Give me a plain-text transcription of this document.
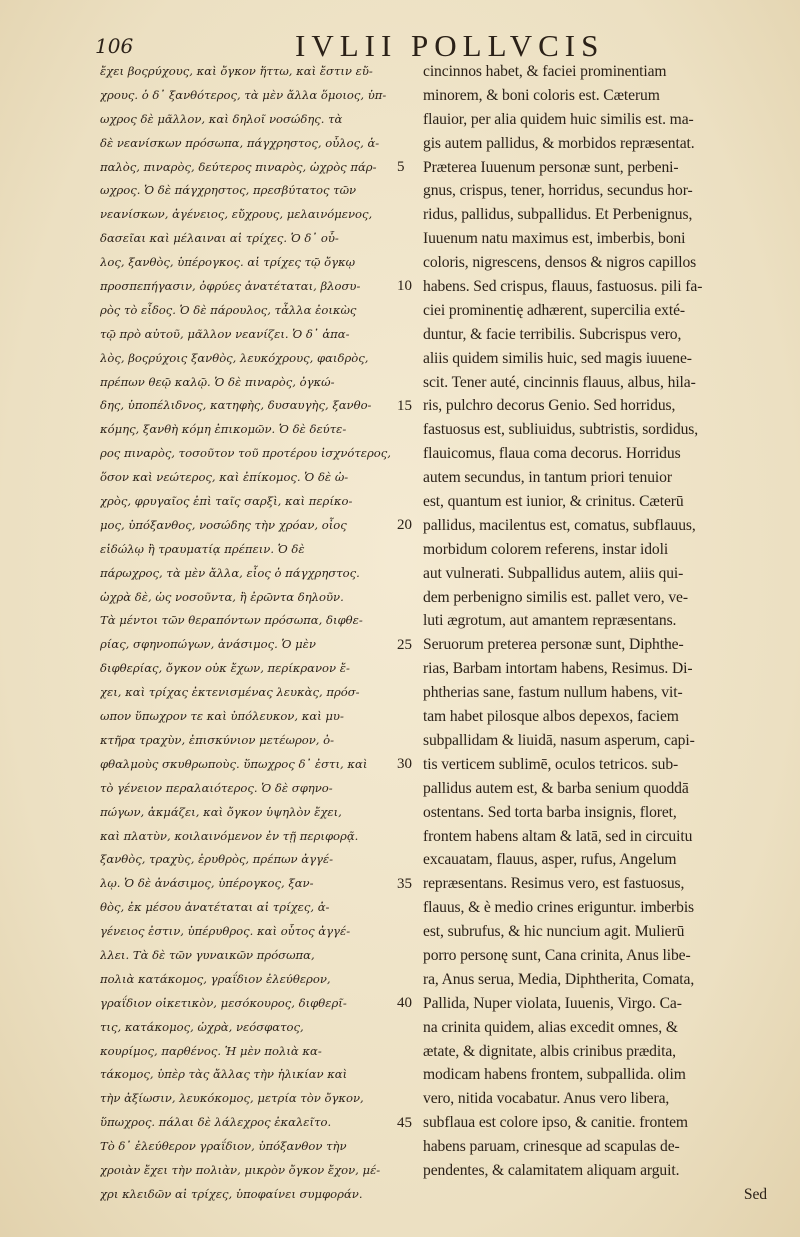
106	IVLII POLLVCIS
ἔχει βοςρύχους, καὶ ὄγκον ἥττω, καὶ ἔστιν εὔ-
χρους. ὁ δ᾽ ξανθότερος, τὰ μὲν ἄλλα ὅμοιος, ὑπ-
ωχρος δὲ μᾶλλον, καὶ δηλοῖ νοσώδης. τὰ
δὲ νεανίσκων πρόσωπα, πάγχρηστος, οὖλος, ἁ-
παλὸς, πιναρὸς, δεύτερος πιναρὸς, ὠχρὸς πάρ-
ωχρος. Ὁ δὲ πάγχρηστος, πρεσβύτατος τῶν
νεανίσκων, ἀγένειος, εὔχρους, μελαινόμενος,
δασεῖαι καὶ μέλαιναι αἱ τρίχες. Ὁ δ᾽ οὖ-
λος, ξανθὸς, ὑπέρογκος. αἱ τρίχες τῷ ὄγκῳ
προσπεπήγασιν, ὀφρύες ἀνατέταται, βλοσυ-
ρὸς τὸ εἶδος. Ὁ δὲ πάρουλος, τἆλλα ἐοικὼς
τῷ πρὸ αὐτοῦ, μᾶλλον νεανίζει. Ὁ δ᾽ ἁπα-
λὸς, βοςρύχοις ξανθὸς, λευκόχρους, φαιδρὸς,
πρέπων θεῷ καλῷ. Ὁ δὲ πιναρὸς, ὀγκώ-
δης, ὑποπέλιδνος, κατηφὴς, δυσαυγὴς, ξανθο-
κόμης, ξανθὴ κόμη ἐπικομῶν. Ὁ δὲ δεύτε-
ρος πιναρὸς, τοσοῦτον τοῦ προτέρου ἰσχνότερος,
ὅσον καὶ νεώτερος, καὶ ἐπίκομος. Ὁ δὲ ὠ-
χρὸς, φρυγαῖος ἐπὶ ταῖς σαρξὶ, καὶ περίκο-
μος, ὑπόξανθος, νοσώδης τὴν χρόαν, οἷος
εἰδώλῳ ἢ τραυματίᾳ πρέπειν. Ὁ δὲ
πάρωχρος, τὰ μὲν ἄλλα, εἶος ὁ πάγχρηστος.
ὠχρὰ δὲ, ὡς νοσοῦντα, ἢ ἐρῶντα δηλοῦν.
Τὰ μέντοι τῶν θεραπόντων πρόσωπα, διφθε-
ρίας, σφηνοπώγων, ἀνάσιμος. Ὁ μὲν
διφθερίας, ὄγκον οὐκ ἔχων, περίκρανον ἔ-
χει, καὶ τρίχας ἐκτενισμένας λευκὰς, πρόσ-
ωπον ὕπωχρον τε καὶ ὑπόλευκον, καὶ μυ-
κτῆρα τραχὺν, ἐπισκύνιον μετέωρον, ὀ-
φθαλμοὺς σκυθρωποὺς. ὕπωχρος δ᾽ ἐστι, καὶ
τὸ γένειον περαλαιότερος. Ὁ δὲ σφηνο-
πώγων, ἀκμάζει, καὶ ὄγκον ὑψηλὸν ἔχει,
καὶ πλατὺν, κοιλαινόμενον ἐν τῇ περιφορᾷ.
ξανθὸς, τραχὺς, ἐρυθρὸς, πρέπων ἀγγέ-
λῳ. Ὁ δὲ ἀνάσιμος, ὑπέρογκος, ξαν-
θὸς, ἐκ μέσου ἀνατέταται αἱ τρίχες, ἀ-
γένειος ἐστιν, ὑπέρυθρος. καὶ οὗτος ἀγγέ-
λλει. Τὰ δὲ τῶν γυναικῶν πρόσωπα,
πολιὰ κατάκομος, γραΐδιον ἐλεύθερον,
γραΐδιον οἰκετικὸν, μεσόκουρος, διφθερῖ-
τις, κατάκομος, ὠχρὰ, νεόσφατος,
κουρίμος, παρθένος. Ἡ μὲν πολιὰ κα-
τάκομος, ὑπὲρ τὰς ἄλλας τὴν ἡλικίαν καὶ
τὴν ἀξίωσιν, λευκόκομος, μετρία τὸν ὄγκον,
ὕπωχρος. πάλαι δὲ λάλεχρος ἐκαλεῖτο.
Τὸ δ᾽ ἐλεύθερον γραΐδιον, ὑπόξανθον τὴν
χροιὰν ἔχει τὴν πολιὰν, μικρὸν ὄγκον ἔχον, μέ-
χρι κλειδῶν αἱ τρίχες, ὑποφαίνει συμφοράν.
5
10
15
20
25
30
35
40
45
cincinnos habet, & faciei prominentiam
minorem, & boni coloris est. Cæterum
flauior, per alia quidem huic similis est. ma-
gis autem pallidus, & morbidos repræsentat.
Præterea Iuuenum personæ sunt, perbeni-
gnus, crispus, tener, horridus, secundus hor-
ridus, pallidus, subpallidus. Et Perbenignus,
Iuuenum natu maximus est, imberbis, boni
coloris, nigrescens, densos & nigros capillos
habens. Sed crispus, flauus, fastuosus. pili fa-
ciei prominentię adhærent, supercilia exté-
duntur, & facie terribilis. Subcrispus vero,
aliis quidem similis huic, sed magis iuuene-
scit. Tener auté, cincinnis flauus, albus, hila-
ris, pulchro decorus Genio. Sed horridus,
fastuosus est, subliuidus, subtristis, sordidus,
flauicomus, flaua coma decorus. Horridus
autem secundus, in tantum priori tenuior
est, quantum est iunior, & crinitus. Cæterū
pallidus, macilentus est, comatus, subflauus,
morbidum colorem referens, instar idoli
aut vulnerati. Subpallidus autem, aliis qui-
dem perbenigno similis est. pallet vero, ve-
luti ægrotum, aut amantem repræsentans.
Seruorum preterea personæ sunt, Diphthe-
rias, Barbam intortam habens, Resimus. Di-
phtherias sane, fastum nullum habens, vit-
tam habet pilosque albos depexos, faciem
subpallidam & liuidā, nasum asperum, capi-
tis verticem sublimē, oculos tetricos. sub-
pallidus autem est, & barba senium quoddā
ostentans. Sed torta barba insignis, floret,
frontem habens altam & latā, sed in circuitu
excauatam, flauus, asper, rufus, Angelum
repræsentans. Resimus vero, est fastuosus,
flauus, & è medio crines eriguntur. imberbis
est, subrufus, & hic nuncium agit. Mulierū
porro personę sunt, Cana crinita, Anus libe-
ra, Anus serua, Media, Diphtherita, Comata,
Pallida, Nuper violata, Iuuenis, Virgo. Ca-
na crinita quidem, alias excedit omnes, &
ætate, & dignitate, albis crinibus prædita,
modicam habens frontem, subpallida. olim
vero, nitida vocabatur. Anus vero libera,
subflaua est colore ipso, & canitie. frontem
habens paruam, crinesque ad scapulas de-
pendentes, & calamitatem aliquam arguit.
Sed
